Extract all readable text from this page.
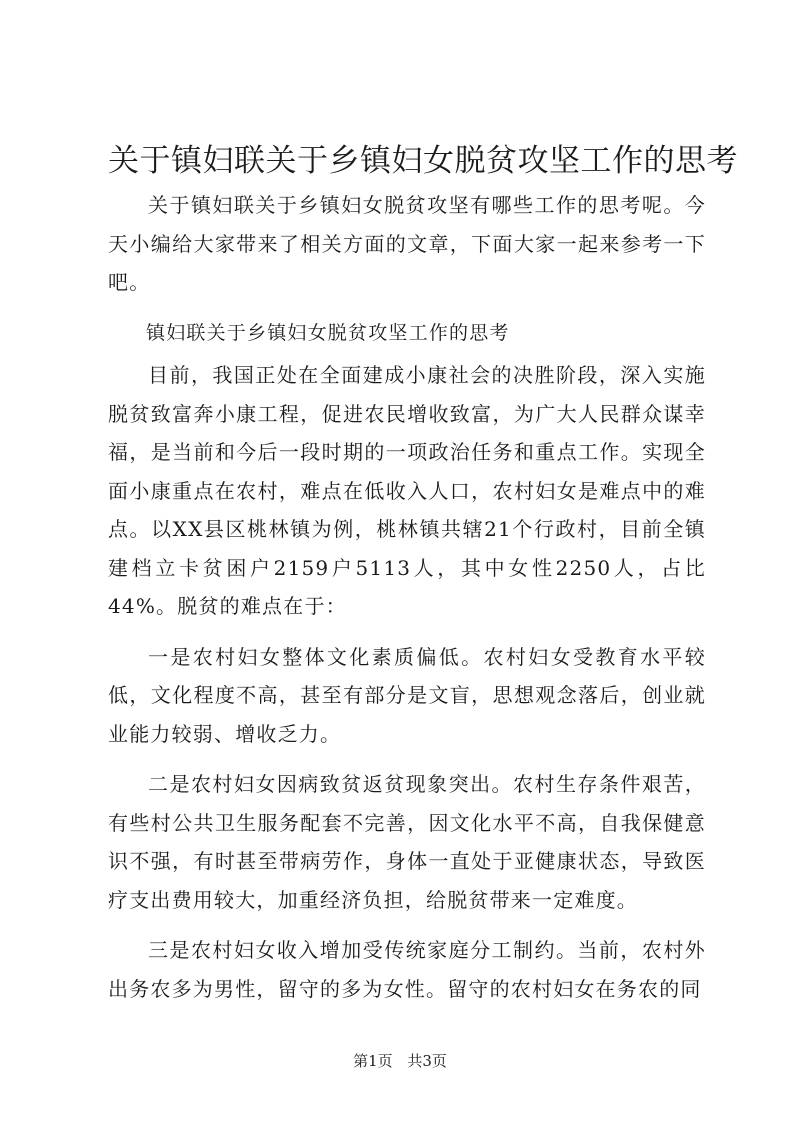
关于镇妇联关于乡镇妇女脱贫攻坚工作的思考

关于镇妇联关于乡镇妇女脱贫攻坚有哪些工作的思考呢。今天小编给大家带来了相关方面的文章，下面大家一起来参考一下吧。

镇妇联关于乡镇妇女脱贫攻坚工作的思考

目前，我国正处在全面建成小康社会的决胜阶段，深入实施脱贫致富奔小康工程，促进农民增收致富，为广大人民群众谋幸福，是当前和今后一段时期的一项政治任务和重点工作。实现全面小康重点在农村，难点在低收入人口，农村妇女是难点中的难点。以XX县区桃林镇为例，桃林镇共辖21个行政村，目前全镇建档立卡贫困户2159户5113人，其中女性2250人，占比44%。脱贫的难点在于：

一是农村妇女整体文化素质偏低。农村妇女受教育水平较低，文化程度不高，甚至有部分是文盲，思想观念落后，创业就业能力较弱、增收乏力。

二是农村妇女因病致贫返贫现象突出。农村生存条件艰苦，有些村公共卫生服务配套不完善，因文化水平不高，自我保健意识不强，有时甚至带病劳作，身体一直处于亚健康状态，导致医疗支出费用较大，加重经济负担，给脱贫带来一定难度。

三是农村妇女收入增加受传统家庭分工制约。当前，农村外出务农多为男性，留守的多为女性。留守的农村妇女在务农的同

第1页 共3页
